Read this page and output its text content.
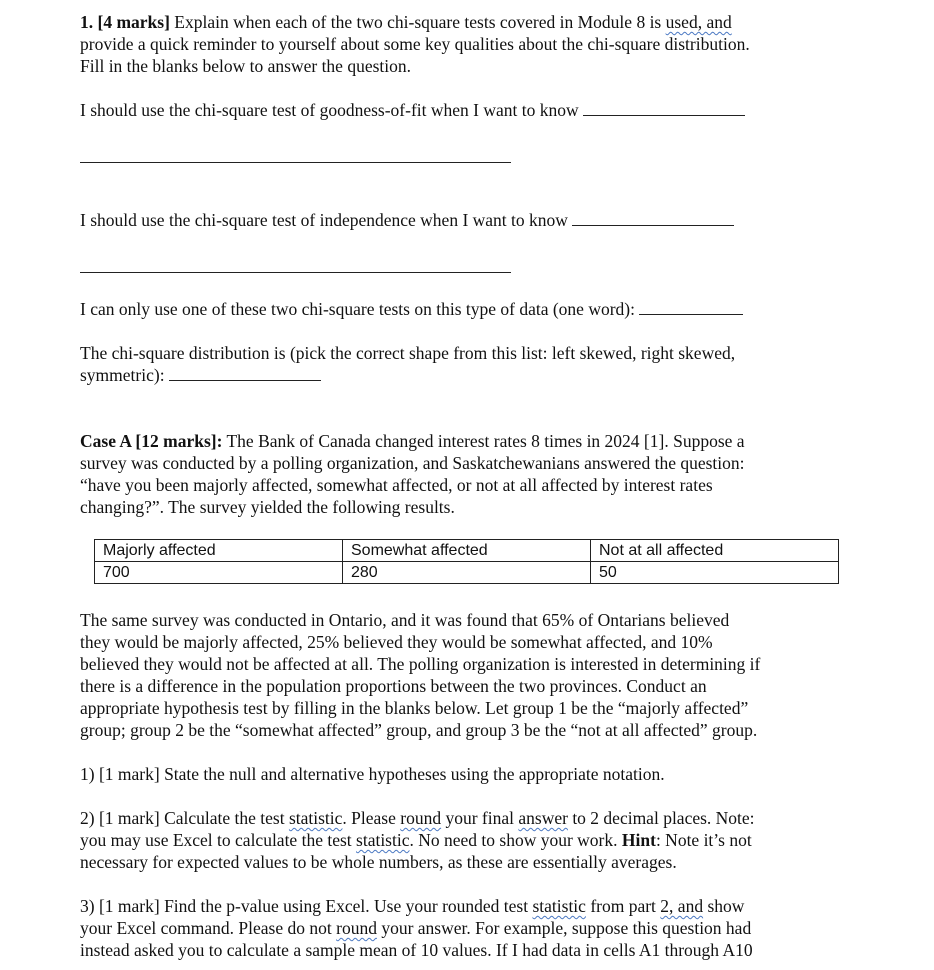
1. [4 marks] Explain when each of the two chi-square tests covered in Module 8 is used, and

provide a quick reminder to yourself about some key qualities about the chi-square distribution.

Fill in the blanks below to answer the question.

I should use the chi-square test of goodness-of-fit when I want to know

I should use the chi-square test of independence when I want to know

I can only use one of these two chi-square tests on this type of data (one word):

The chi-square distribution is (pick the correct shape from this list: left skewed, right skewed,

symmetric):

Case A [12 marks]: The Bank of Canada changed interest rates 8 times in 2024 [1]. Suppose a

survey was conducted by a polling organization, and Saskatchewanians answered the question:

“have you been majorly affected, somewhat affected, or not at all affected by interest rates

changing?”. The survey yielded the following results.

Majorly affected	Somewhat affected	Not at all affected
700	280	50

The same survey was conducted in Ontario, and it was found that 65% of Ontarians believed

they would be majorly affected, 25% believed they would be somewhat affected, and 10%

believed they would not be affected at all. The polling organization is interested in determining if

there is a difference in the population proportions between the two provinces. Conduct an

appropriate hypothesis test by filling in the blanks below. Let group 1 be the “majorly affected”

group; group 2 be the “somewhat affected” group, and group 3 be the “not at all affected” group.

1) [1 mark] State the null and alternative hypotheses using the appropriate notation.

2) [1 mark] Calculate the test statistic. Please round your final answer to 2 decimal places. Note:

you may use Excel to calculate the test statistic. No need to show your work. Hint: Note it’s not

necessary for expected values to be whole numbers, as these are essentially averages.

3) [1 mark] Find the p-value using Excel. Use your rounded test statistic from part 2, and show

your Excel command. Please do not round your answer. For example, suppose this question had

instead asked you to calculate a sample mean of 10 values. If I had data in cells A1 through A10
